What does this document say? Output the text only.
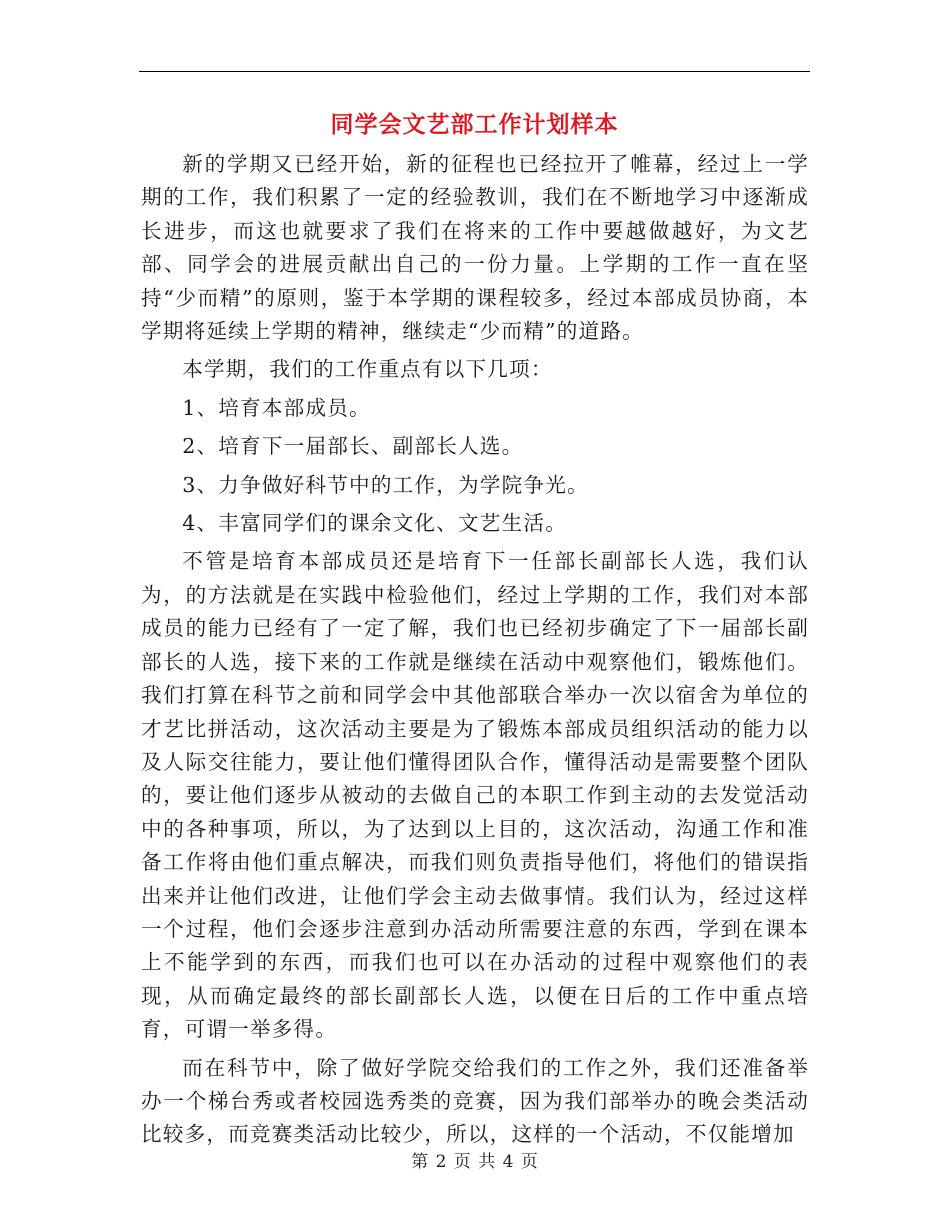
同学会文艺部工作计划样本

新的学期又已经开始，新的征程也已经拉开了帷幕，经过上一学期的工作，我们积累了一定的经验教训，我们在不断地学习中逐渐成长进步，而这也就要求了我们在将来的工作中要越做越好，为文艺部、同学会的进展贡献出自己的一份力量。上学期的工作一直在坚持“少而精”的原则，鉴于本学期的课程较多，经过本部成员协商，本学期将延续上学期的精神，继续走“少而精”的道路。

本学期，我们的工作重点有以下几项：

1、培育本部成员。

2、培育下一届部长、副部长人选。

3、力争做好科节中的工作，为学院争光。

4、丰富同学们的课余文化、文艺生活。

不管是培育本部成员还是培育下一任部长副部长人选，我们认为，的方法就是在实践中检验他们，经过上学期的工作，我们对本部成员的能力已经有了一定了解，我们也已经初步确定了下一届部长副部长的人选，接下来的工作就是继续在活动中观察他们，锻炼他们。我们打算在科节之前和同学会中其他部联合举办一次以宿舍为单位的才艺比拼活动，这次活动主要是为了锻炼本部成员组织活动的能力以及人际交往能力，要让他们懂得团队合作，懂得活动是需要整个团队的，要让他们逐步从被动的去做自己的本职工作到主动的去发觉活动中的各种事项，所以，为了达到以上目的，这次活动，沟通工作和准备工作将由他们重点解决，而我们则负责指导他们，将他们的错误指出来并让他们改进，让他们学会主动去做事情。我们认为，经过这样一个过程，他们会逐步注意到办活动所需要注意的东西，学到在课本上不能学到的东西，而我们也可以在办活动的过程中观察他们的表现，从而确定最终的部长副部长人选，以便在日后的工作中重点培育，可谓一举多得。

而在科节中，除了做好学院交给我们的工作之外，我们还准备举办一个梯台秀或者校园选秀类的竞赛，因为我们部举办的晚会类活动比较多，而竞赛类活动比较少，所以，这样的一个活动，不仅能增加

第 2 页 共 4 页
